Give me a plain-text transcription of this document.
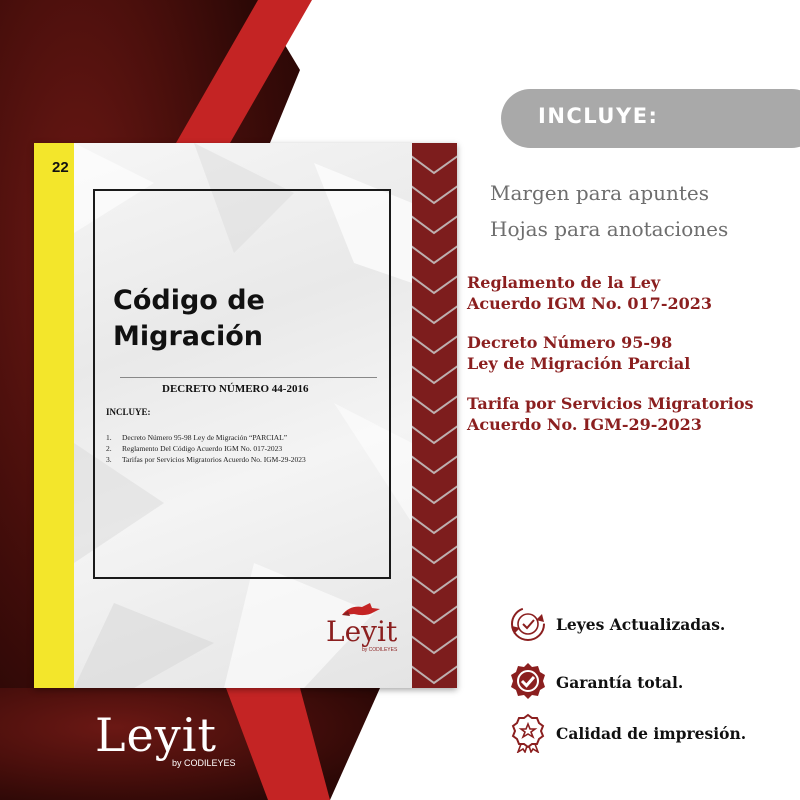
22
Código de
Migración
DECRETO NÚMERO 44-2016
INCLUYE:
1. Decreto Número 95-98 Ley de Migración “PARCIAL”
2. Reglamento Del Código Acuerdo IGM No. 017-2023
3. Tarifas por Servicios Migratorios Acuerdo No. IGM-29-2023
Leyit
by CODILEYES
Leyit
by CODILEYES
INCLUYE:
Margen para apuntes
Hojas para anotaciones
Reglamento de la Ley
Acuerdo IGM No. 017-2023
Decreto Número 95-98
Ley de Migración Parcial
Tarifa por Servicios Migratorios
Acuerdo No. IGM-29-2023
Leyes Actualizadas.
Garantía total.
Calidad de impresión.
